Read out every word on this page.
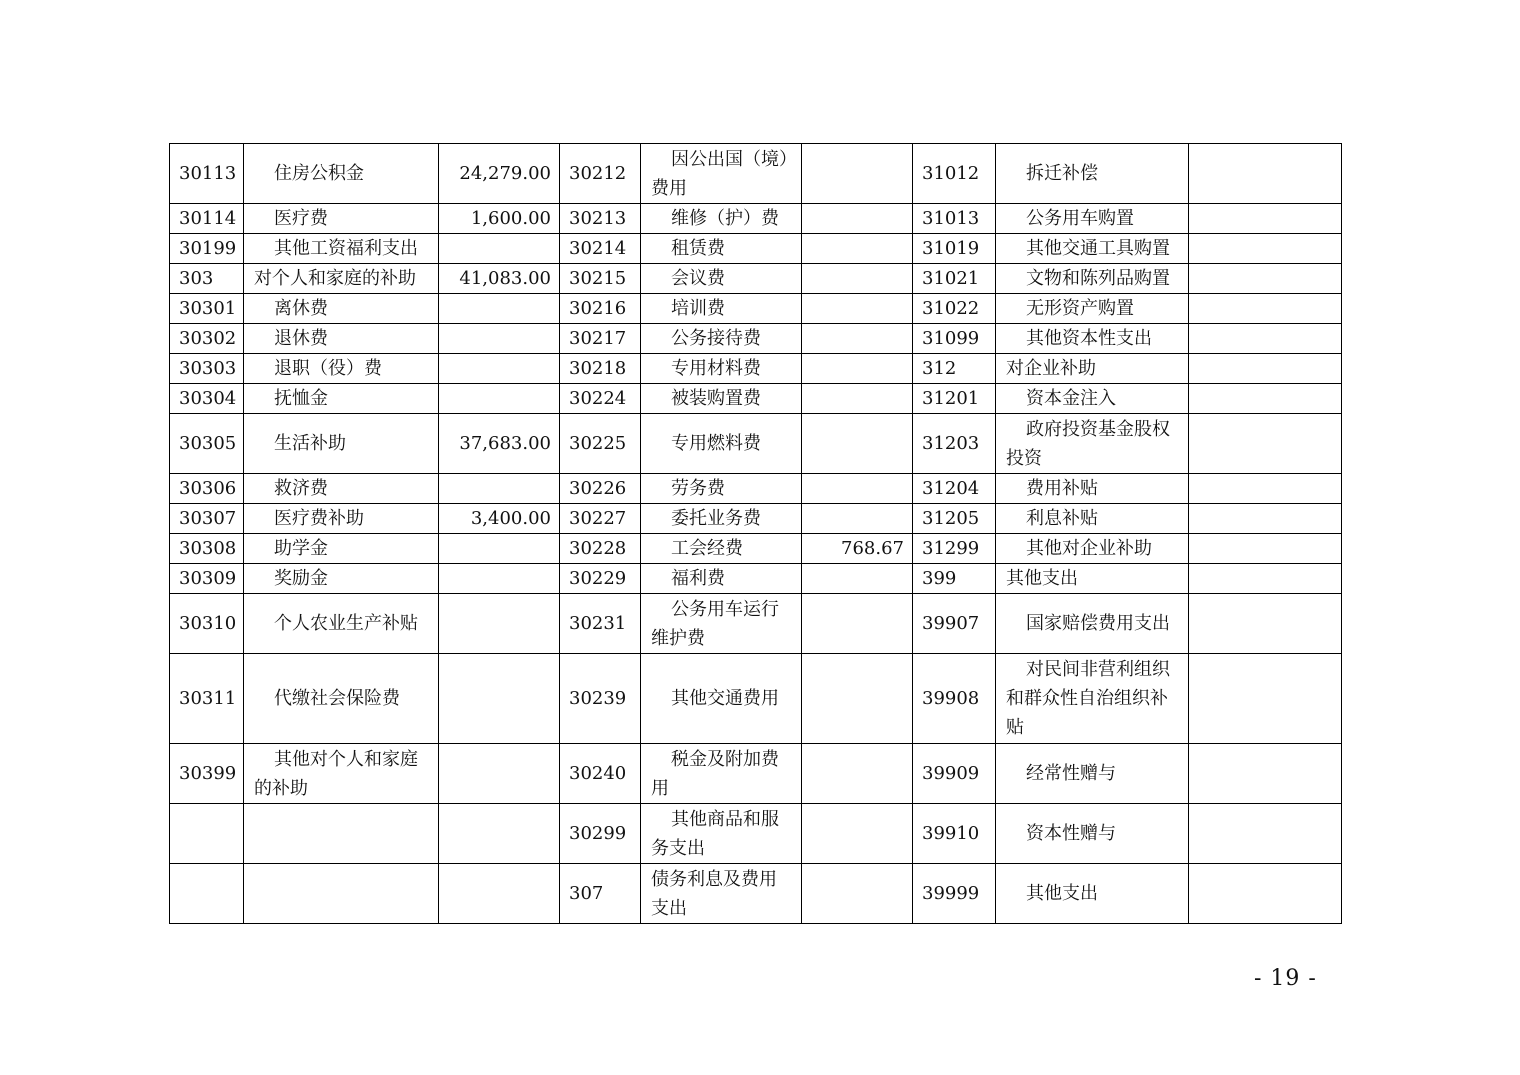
30113	住房公积金	24,279.00	30212	因公出国（境）费用		31012	拆迁补偿	
30114	医疗费	1,600.00	30213	维修（护）费		31013	公务用车购置	
30199	其他工资福利支出		30214	租赁费		31019	其他交通工具购置	
303	对个人和家庭的补助	41,083.00	30215	会议费		31021	文物和陈列品购置	
30301	离休费		30216	培训费		31022	无形资产购置	
30302	退休费		30217	公务接待费		31099	其他资本性支出	
30303	退职（役）费		30218	专用材料费		312	对企业补助	
30304	抚恤金		30224	被装购置费		31201	资本金注入	
30305	生活补助	37,683.00	30225	专用燃料费		31203	政府投资基金股权投资	
30306	救济费		30226	劳务费		31204	费用补贴	
30307	医疗费补助	3,400.00	30227	委托业务费		31205	利息补贴	
30308	助学金		30228	工会经费	768.67	31299	其他对企业补助	
30309	奖励金		30229	福利费		399	其他支出	
30310	个人农业生产补贴		30231	公务用车运行维护费		39907	国家赔偿费用支出	
30311	代缴社会保险费		30239	其他交通费用		39908	对民间非营利组织和群众性自治组织补贴	
30399	其他对个人和家庭的补助		30240	税金及附加费用		39909	经常性赠与	
			30299	其他商品和服务支出		39910	资本性赠与	
			307	债务利息及费用支出		39999	其他支出	
- 19 -
